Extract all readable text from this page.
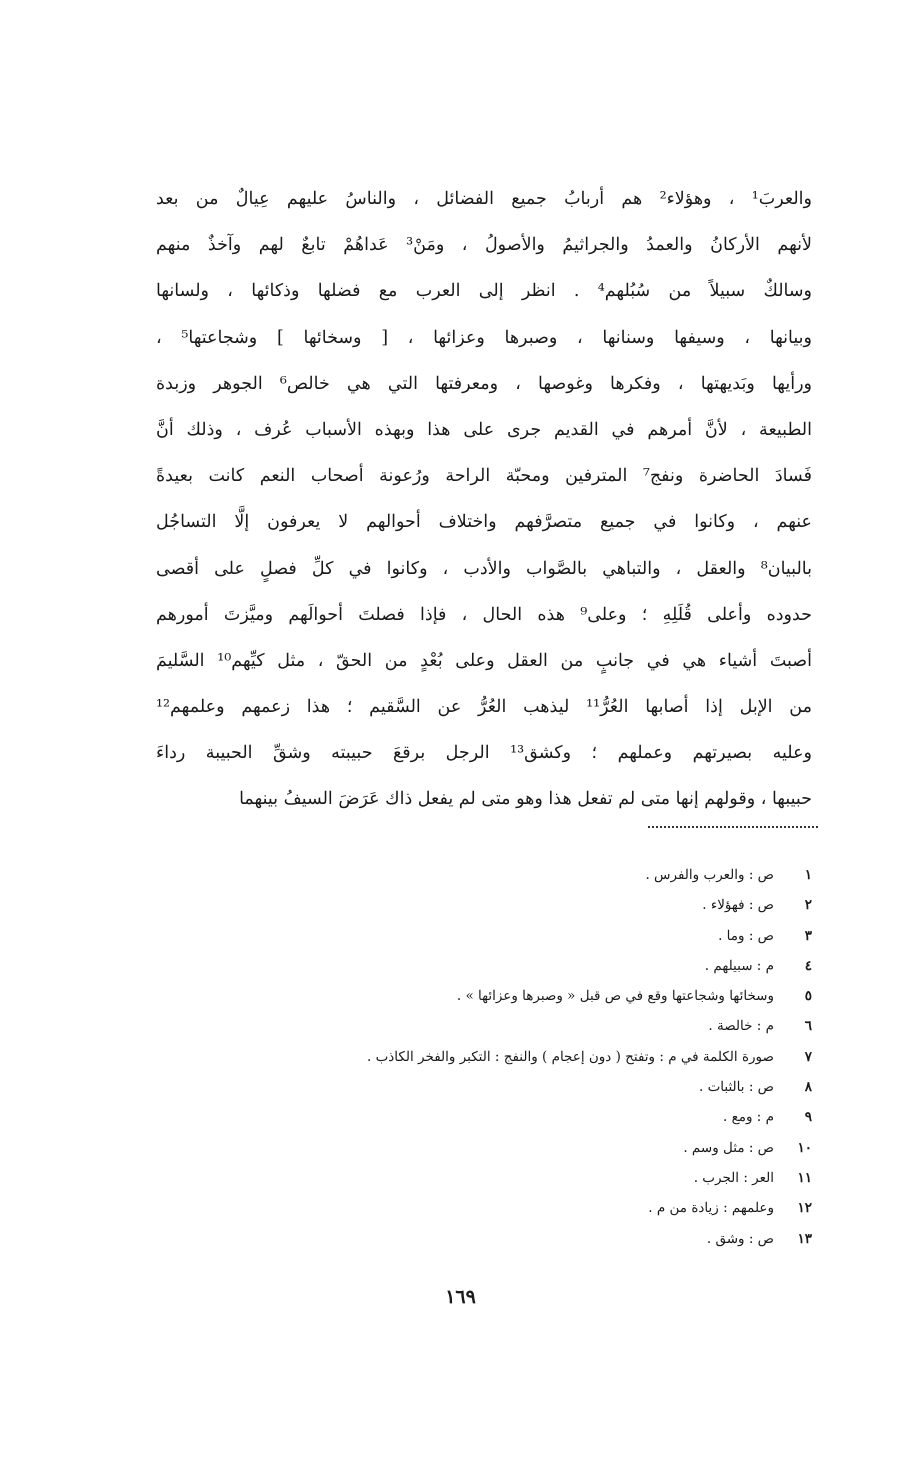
والعربَ¹ ، وهؤلاء² هم أربابُ جميع الفضائل ، والناسُ عليهم عِيالٌ من بعد
لأنهم الأركانُ والعمدُ والجراثيمُ والأصولُ ، ومَنْ³ عَداهُمْ تابعٌ لهم وآخذٌ منهم
وسالكٌ سبيلاً من سُبُلهم⁴ . انظر إلى العرب مع فضلها وذكائها ، ولسانها
وبيانها ، وسيفها وسنانها ، وصبرها وعزائها ، [ وسخائها ] وشجاعتها⁵ ،
ورأيها وبَديهتها ، وفكرها وغوصها ، ومعرفتها التي هي خالص⁶ الجوهر وزبدة
الطبيعة ، لأنَّ أمرهم في القديم جرى على هذا وبهذه الأسباب عُرف ، وذلك أنَّ
فَسادَ الحاضرة ونفج⁷ المترفين ومحبّة الراحة ورُعونة أصحاب النعم كانت بعيدةً
عنهم ، وكانوا في جميع متصرَّفهم واختلاف أحوالهم لا يعرفون إلَّا التساجُل
بالبيان⁸ والعقل ، والتباهي بالصَّواب والأدب ، وكانوا في كلِّ فصلٍ على أقصى
حدوده وأعلى قُلَلِهِ ؛ وعلى⁹ هذه الحال ، فإذا فصلتَ أحوالَهم وميَّزتَ أمورهم
أصبتَ أشياء هي في جانبٍ من العقل وعلى بُعْدٍ من الحقّ ، مثل كيِّهم¹⁰ السَّليمَ
من الإبل إذا أصابها العُرُّ¹¹ ليذهب العُرُّ عن السَّقيم ؛ هذا زعمهم وعلمهم¹²
وعليه بصيرتهم وعملهم ؛ وكشق¹³ الرجل برقعَ حبيبته وشقِّ الحبيبة رداءَ
حبيبها ، وقولهم إنها متى لم تفعل هذا وهو متى لم يفعل ذاك عَرَضَ السيفُ بينهما
١
ص : والعرب والفرس .
٢
ص : فهؤلاء .
٣
ص : وما .
٤
م : سبيلهم .
٥
وسخائها وشجاعتها وقع في ص قبل « وصبرها وعزائها » .
٦
م : خالصة .
٧
صورة الكلمة في م : وتفتح ( دون إعجام ) والنفج : التكبر والفخر الكاذب .
٨
ص : بالثبات .
٩
م : ومع .
١٠
ص : مثل وسم .
١١
العر : الجرب .
١٢
وعلمهم : زيادة من م .
١٣
ص : وشق .
١٦٩
